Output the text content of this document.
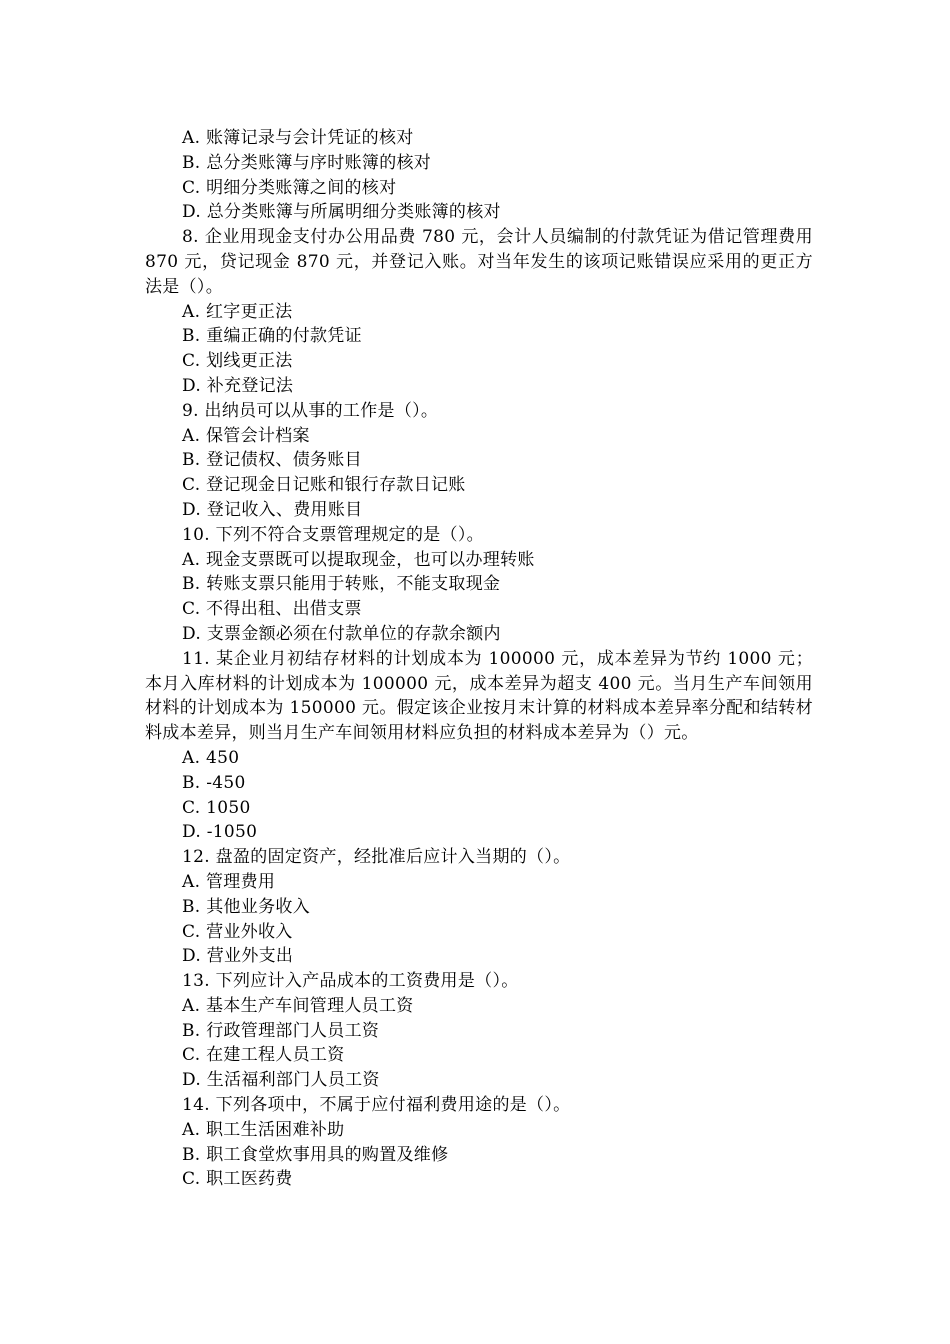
A. 账簿记录与会计凭证的核对
B. 总分类账簿与序时账簿的核对
C. 明细分类账簿之间的核对
D. 总分类账簿与所属明细分类账簿的核对
8. 企业用现金支付办公用品费 780 元，会计人员编制的付款凭证为借记管理费用 870 元，贷记现金 870 元，并登记入账。对当年发生的该项记账错误应采用的更正方法是（）。
A. 红字更正法
B. 重编正确的付款凭证
C. 划线更正法
D. 补充登记法
9. 出纳员可以从事的工作是（）。
A. 保管会计档案
B. 登记债权、债务账目
C. 登记现金日记账和银行存款日记账
D. 登记收入、费用账目
10. 下列不符合支票管理规定的是（）。
A. 现金支票既可以提取现金，也可以办理转账
B. 转账支票只能用于转账，不能支取现金
C. 不得出租、出借支票
D. 支票金额必须在付款单位的存款余额内
11. 某企业月初结存材料的计划成本为 100000 元，成本差异为节约 1000 元；本月入库材料的计划成本为 100000 元，成本差异为超支 400 元。当月生产车间领用材料的计划成本为 150000 元。假定该企业按月末计算的材料成本差异率分配和结转材料成本差异，则当月生产车间领用材料应负担的材料成本差异为（）元。
A. 450
B. -450
C. 1050
D. -1050
12. 盘盈的固定资产，经批准后应计入当期的（）。
A. 管理费用
B. 其他业务收入
C. 营业外收入
D. 营业外支出
13. 下列应计入产品成本的工资费用是（）。
A. 基本生产车间管理人员工资
B. 行政管理部门人员工资
C. 在建工程人员工资
D. 生活福利部门人员工资
14. 下列各项中，不属于应付福利费用途的是（）。
A. 职工生活困难补助
B. 职工食堂炊事用具的购置及维修
C. 职工医药费
